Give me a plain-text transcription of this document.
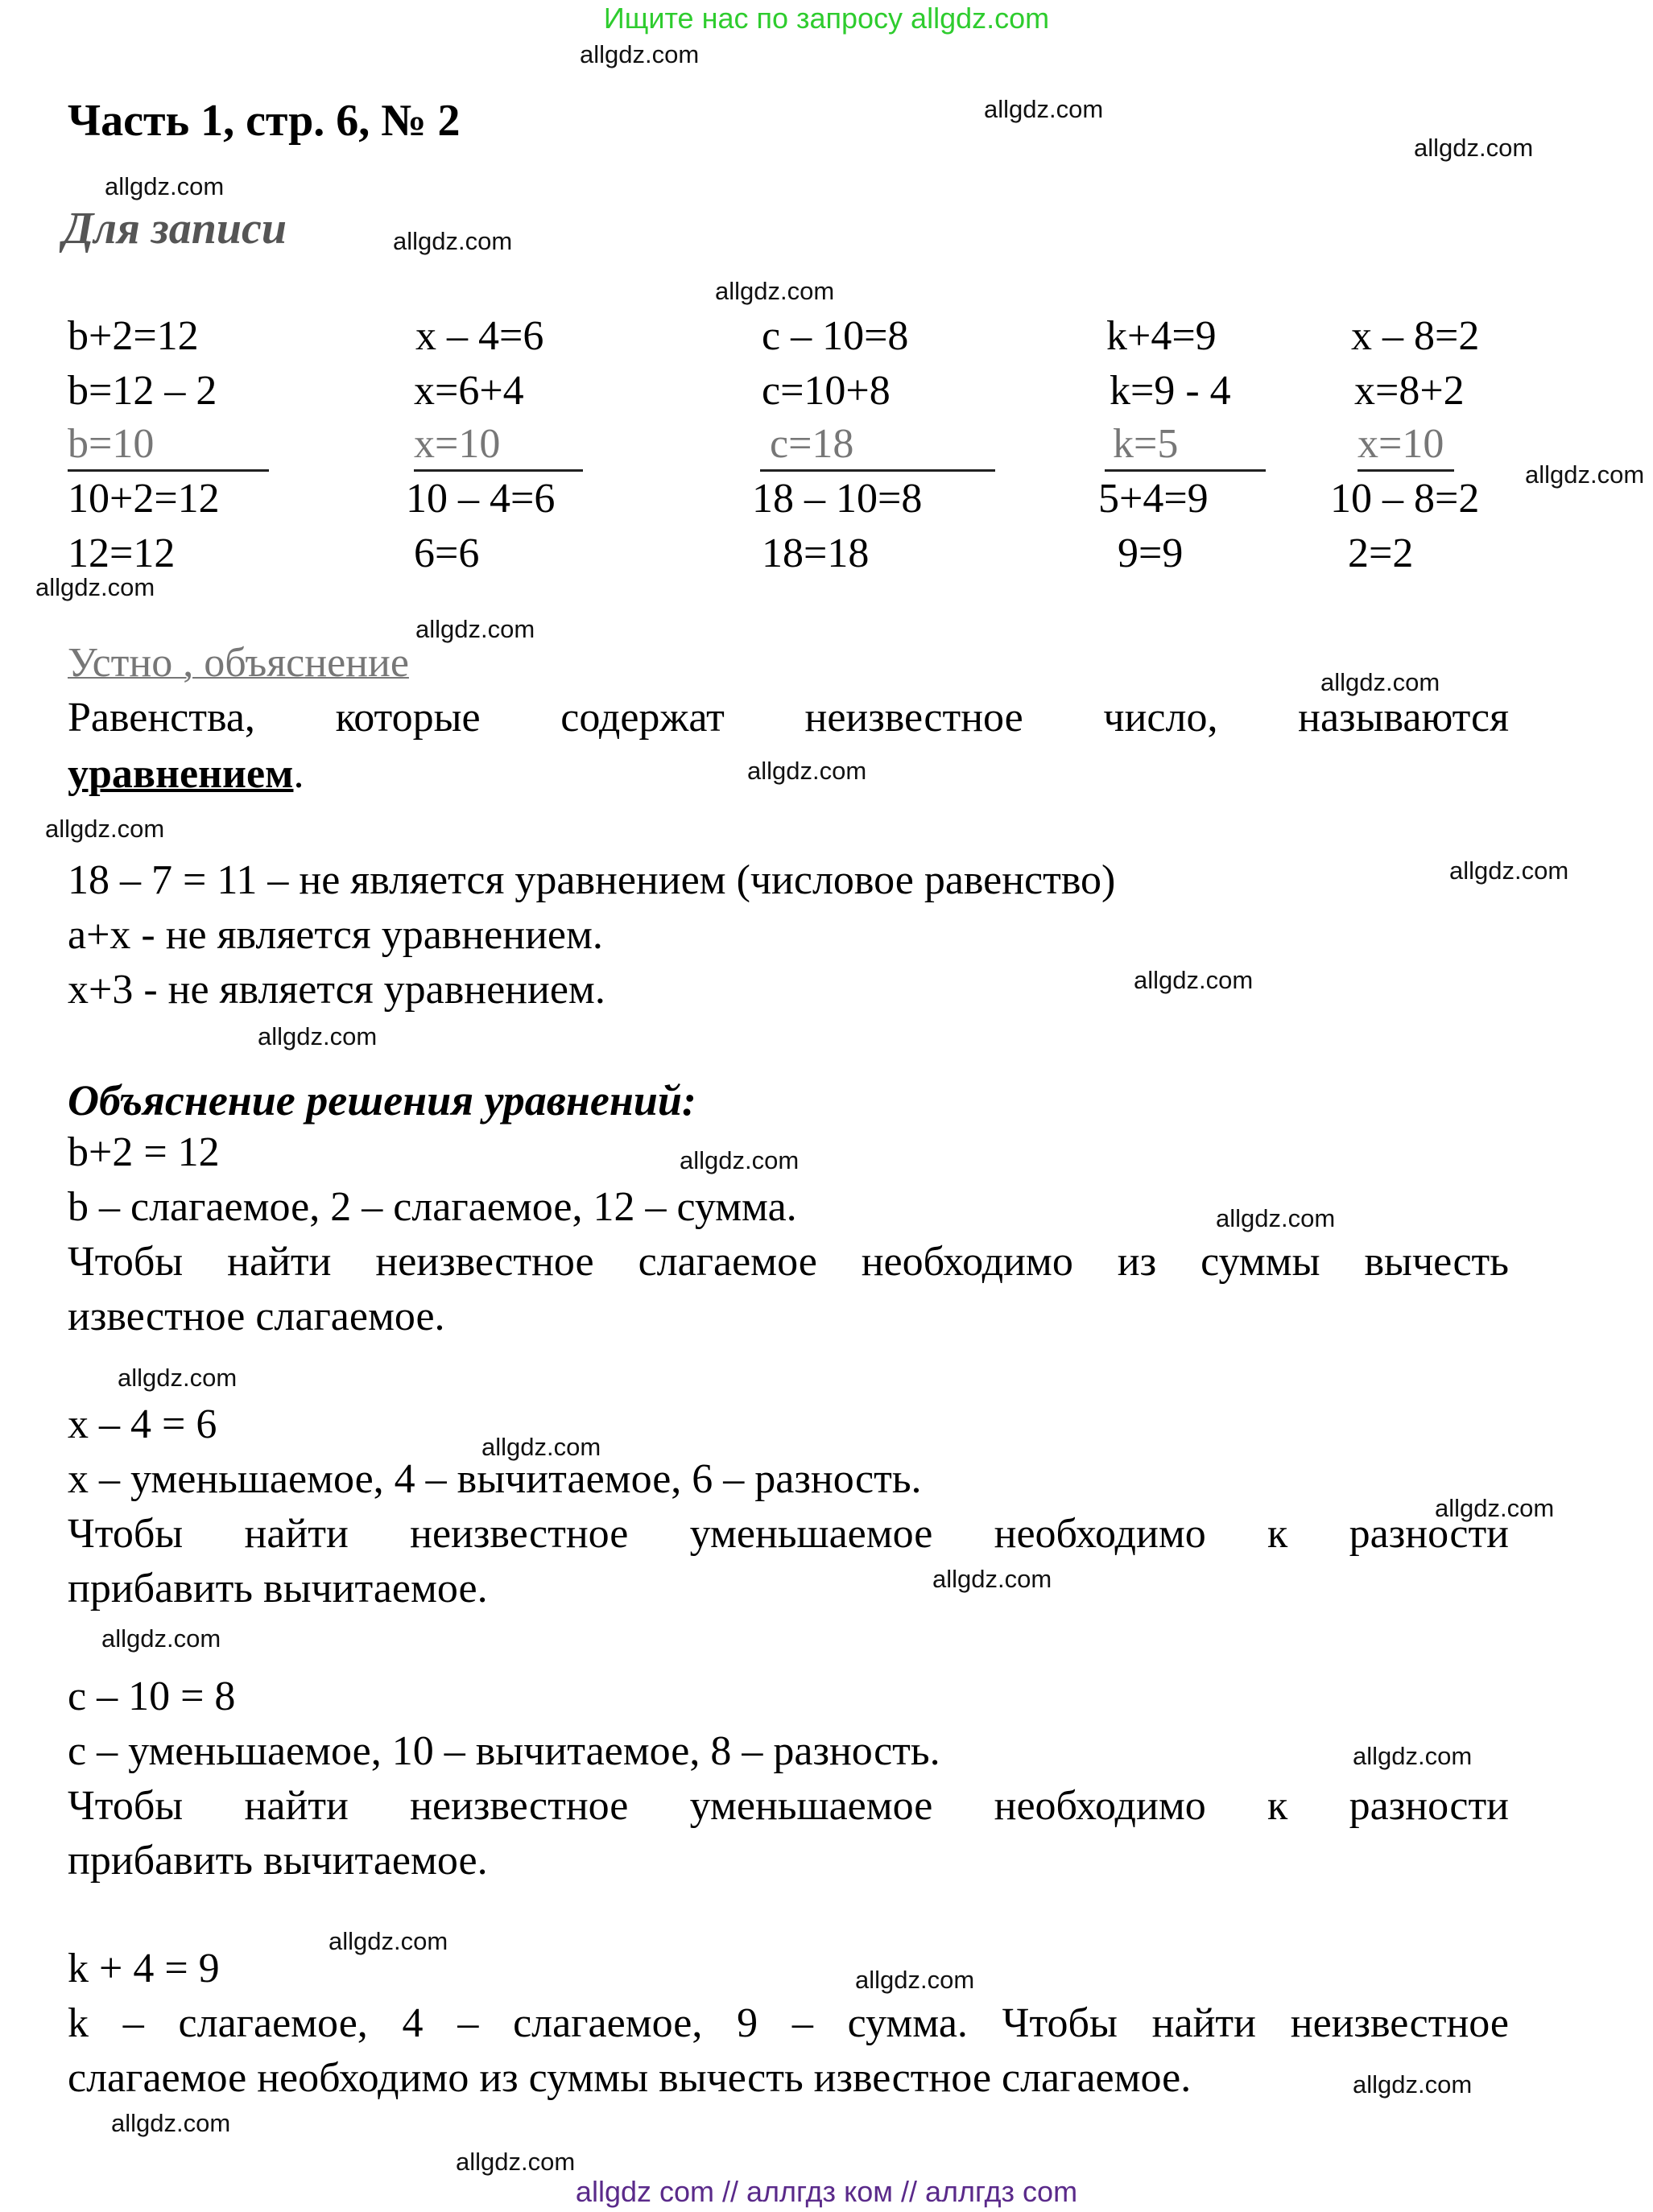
Ищите нас по запросу allgdz.com
Часть 1, стр. 6, № 2
Для записи
b+2=12
b=12 – 2
b=10
10+2=12
12=12
x – 4=6
x=6+4
x=10
10 – 4=6
6=6
c – 10=8
c=10+8
c=18
18 – 10=8
18=18
k+4=9
k=9 - 4
k=5
5+4=9
9=9
x – 8=2
x=8+2
x=10
10 – 8=2
2=2
Устно , объяснение
Равенства, которые содержат неизвестное число, называются
уравнением.
18 – 7 = 11 – не является уравнением (числовое равенство)
a+x - не является уравнением.
x+3 - не является уравнением.
Объяснение решения уравнений:
b+2 = 12
b – слагаемое, 2 – слагаемое, 12 – сумма.
Чтобы найти неизвестное слагаемое необходимо из суммы вычесть
известное слагаемое.
x – 4 = 6
x – уменьшаемое, 4 – вычитаемое, 6 – разность.
Чтобы найти неизвестное уменьшаемое необходимо к разности
прибавить вычитаемое.
c – 10 = 8
c – уменьшаемое, 10 – вычитаемое, 8 – разность.
Чтобы найти неизвестное уменьшаемое необходимо к разности
прибавить вычитаемое.
k + 4 = 9
k – слагаемое, 4 – слагаемое, 9 – сумма. Чтобы найти неизвестное
слагаемое необходимо из суммы вычесть известное слагаемое.
allgdz.com
allgdz.com
allgdz.com
allgdz.com
allgdz.com
allgdz.com
allgdz.com
allgdz.com
allgdz.com
allgdz.com
allgdz.com
allgdz.com
allgdz.com
allgdz.com
allgdz.com
allgdz.com
allgdz.com
allgdz.com
allgdz.com
allgdz.com
allgdz.com
allgdz.com
allgdz.com
allgdz.com
allgdz.com
allgdz.com
allgdz.com
allgdz.com
allgdz com // аллгдз ком // аллгдз com
